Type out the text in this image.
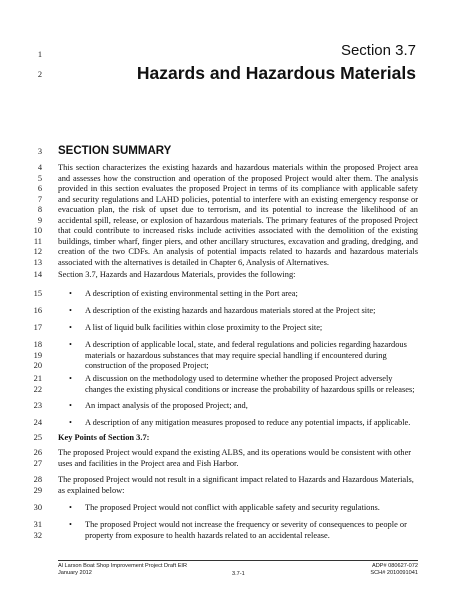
1
2
3
4
5
6
7
8
9
10
11
12
13
14
15
16
17
18
19
20
21
22
23
24
25
26
27
28
29
30
31
32
Section 3.7
Hazards and Hazardous Materials
SECTION SUMMARY
This section characterizes the existing hazards and hazardous materials within the proposed Project area and assesses how the construction and operation of the proposed Project would alter them. The analysis provided in this section evaluates the proposed Project in terms of its compliance with applicable safety and security regulations and LAHD policies, potential to interfere with an existing emergency response or evacuation plan, the risk of upset due to terrorism, and its potential to increase the likelihood of an accidental spill, release, or explosion of hazardous materials. The primary features of the proposed Project that could contribute to increased risks include activities associated with the demolition of the existing buildings, timber wharf, finger piers, and other ancillary structures, excavation and grading, dredging, and creation of the two CDFs. An analysis of potential impacts related to hazards and hazardous materials associated with the alternatives is detailed in Chapter 6, Analysis of Alternatives.
Section 3.7, Hazards and Hazardous Materials, provides the following:
• A description of existing environmental setting in the Port area;
• A description of the existing hazards and hazardous materials stored at the Project site;
• A list of liquid bulk facilities within close proximity to the Project site;
• A description of applicable local, state, and federal regulations and policies regarding hazardous materials or hazardous substances that may require special handling if encountered during construction of the proposed Project;
• A discussion on the methodology used to determine whether the proposed Project adversely changes the existing physical conditions or increase the probability of hazardous spills or releases;
• An impact analysis of the proposed Project; and,
• A description of any mitigation measures proposed to reduce any potential impacts, if applicable.
Key Points of Section 3.7:
The proposed Project would expand the existing ALBS, and its operations would be consistent with other uses and facilities in the Project area and Fish Harbor.
The proposed Project would not result in a significant impact related to Hazards and Hazardous Materials, as explained below:
• The proposed Project would not conflict with applicable safety and security regulations.
• The proposed Project would not increase the frequency or severity of consequences to people or property from exposure to health hazards related to an accidental release.
Al Larson Boat Shop Improvement Project Draft EIR
January 2012	3.7-1
ADP# 080627-072
SCH# 2010091041
